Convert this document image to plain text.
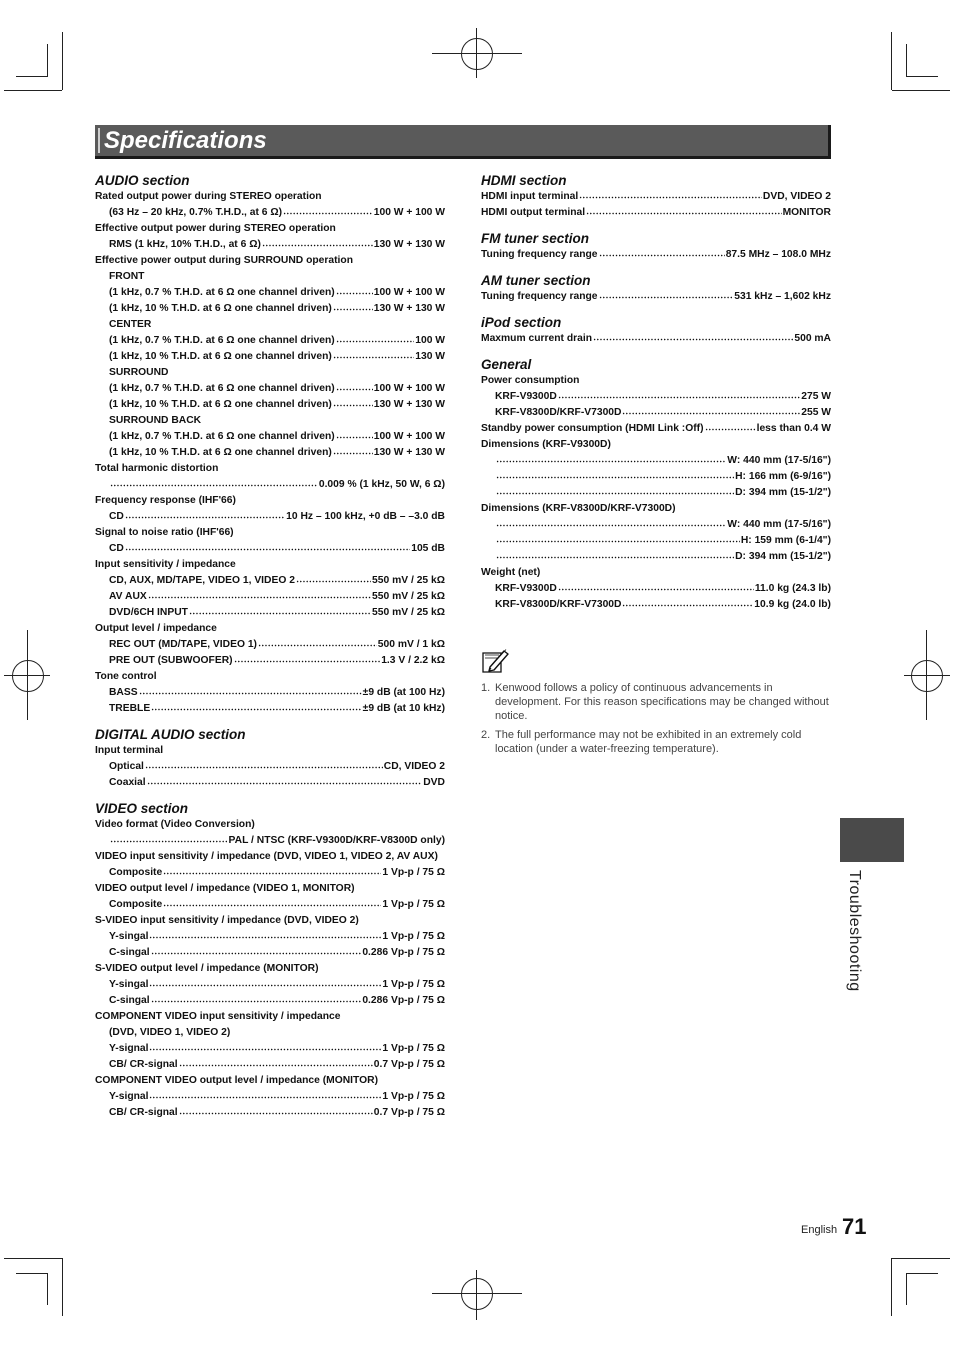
Specifications
AUDIO section
Rated output power during STEREO operation
(63 Hz – 20 kHz, 0.7% T.H.D., at 6 Ω)	100 W + 100 W
Effective output power during STEREO operation
RMS (1 kHz, 10% T.H.D., at 6 Ω)	130 W + 130 W
Effective power output during SURROUND operation
FRONT
(1 kHz, 0.7 % T.H.D. at 6 Ω one channel driven)	100 W + 100 W
(1 kHz, 10 % T.H.D. at 6 Ω one channel driven)	130 W + 130 W
CENTER
(1 kHz, 0.7 % T.H.D. at 6 Ω one channel driven)	100 W
(1 kHz, 10 % T.H.D. at 6 Ω one channel driven)	130 W
SURROUND
(1 kHz, 0.7 % T.H.D. at 6 Ω one channel driven)	100 W + 100 W
(1 kHz, 10 % T.H.D. at 6 Ω one channel driven)	130 W + 130 W
SURROUND BACK
(1 kHz, 0.7 % T.H.D. at 6 Ω one channel driven)	100 W + 100 W
(1 kHz, 10 % T.H.D. at 6 Ω one channel driven)	130 W + 130 W
Total harmonic distortion
0.009 % (1 kHz, 50 W, 6 Ω)
Frequency response (IHF'66)
CD	10 Hz – 100 kHz, +0 dB – –3.0 dB
Signal to noise ratio (IHF'66)
CD	105 dB
Input sensitivity / impedance
CD, AUX, MD/TAPE, VIDEO 1, VIDEO 2	550 mV / 25 kΩ
AV AUX	550 mV / 25 kΩ
DVD/6CH INPUT	550 mV / 25 kΩ
Output level / impedance
REC OUT (MD/TAPE, VIDEO 1)	500 mV / 1 kΩ
PRE OUT (SUBWOOFER)	1.3 V / 2.2 kΩ
Tone control
BASS	±9 dB (at 100 Hz)
TREBLE	±9 dB (at 10 kHz)
DIGITAL AUDIO section
Input terminal
Optical	CD, VIDEO 2
Coaxial	DVD
VIDEO section
Video format (Video Conversion)
PAL / NTSC (KRF-V9300D/KRF-V8300D only)
VIDEO input sensitivity / impedance (DVD, VIDEO 1, VIDEO 2, AV AUX)
Composite	1 Vp-p / 75 Ω
VIDEO output level / impedance (VIDEO 1, MONITOR)
Composite	1 Vp-p / 75 Ω
S-VIDEO input sensitivity / impedance (DVD, VIDEO 2)
Y-singal	1 Vp-p / 75 Ω
C-singal	0.286 Vp-p / 75 Ω
S-VIDEO output level / impedance (MONITOR)
Y-singal	1 Vp-p / 75 Ω
C-singal	0.286 Vp-p / 75 Ω
COMPONENT VIDEO input sensitivity / impedance
(DVD, VIDEO 1, VIDEO 2)
Y-signal	1 Vp-p / 75 Ω
CB/ CR-signal	0.7 Vp-p / 75 Ω
COMPONENT VIDEO output level / impedance (MONITOR)
Y-signal	1 Vp-p / 75 Ω
CB/ CR-signal	0.7 Vp-p / 75 Ω
HDMI section
HDMI input terminal	DVD, VIDEO 2
HDMI output terminal	MONITOR
FM tuner section
Tuning frequency range	87.5 MHz – 108.0 MHz
AM tuner section
Tuning frequency range	531 kHz – 1,602 kHz
iPod section
Maxmum current drain	500 mA
General
Power consumption
KRF-V9300D	275 W
KRF-V8300D/KRF-V7300D	255 W
Standby power consumption (HDMI Link :Off)	less than 0.4 W
Dimensions (KRF-V9300D)
W: 440 mm (17-5/16")
H: 166 mm (6-9/16")
D: 394 mm (15-1/2")
Dimensions (KRF-V8300D/KRF-V7300D)
W: 440 mm (17-5/16")
H: 159 mm (6-1/4")
D: 394 mm (15-1/2")
Weight (net)
KRF-V9300D	11.0 kg (24.3 lb)
KRF-V8300D/KRF-V7300D	10.9 kg (24.0 lb)
1. Kenwood follows a policy of continuous advancements in development. For this reason specifications may be changed without notice.
2. The full performance may not be exhibited in an extremely cold location (under a water-freezing temperature).
Troubleshooting
English 71
